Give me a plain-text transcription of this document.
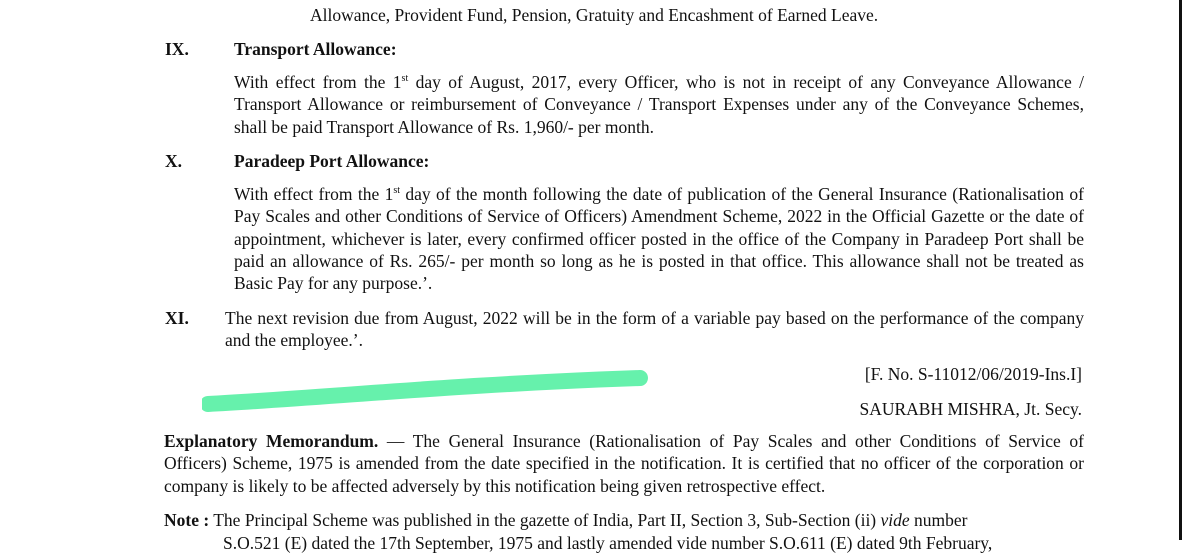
Allowance, Provident Fund, Pension, Gratuity and Encashment of Earned Leave.
IX.	Transport Allowance:
With effect from the 1st day of August, 2017, every Officer, who is not in receipt of any Conveyance Allowance / Transport Allowance or reimbursement of Conveyance / Transport Expenses under any of the Conveyance Schemes, shall be paid Transport Allowance of Rs. 1,960/- per month.
X.	Paradeep Port Allowance:
With effect from the 1st day of the month following the date of publication of the General Insurance (Rationalisation of Pay Scales and other Conditions of Service of Officers) Amendment Scheme, 2022 in the Official Gazette or the date of appointment, whichever is later, every confirmed officer posted in the office of the Company in Paradeep Port shall be paid an allowance of Rs. 265/- per month so long as he is posted in that office. This allowance shall not be treated as Basic Pay for any purpose.’.
XI. The next revision due from August, 2022 will be in the form of a variable pay based on the performance of the company and the employee.’.
[F. No. S-11012/06/2019-Ins.I]
SAURABH MISHRA, Jt. Secy.
Explanatory Memorandum. — The General Insurance (Rationalisation of Pay Scales and other Conditions of Service of Officers) Scheme, 1975 is amended from the date specified in the notification. It is certified that no officer of the corporation or company is likely to be affected adversely by this notification being given retrospective effect.
Note : The Principal Scheme was published in the gazette of India, Part II, Section 3, Sub-Section (ii) vide number
S.O.521 (E) dated the 17th September, 1975 and lastly amended vide number S.O.611 (E) dated 9th February,
